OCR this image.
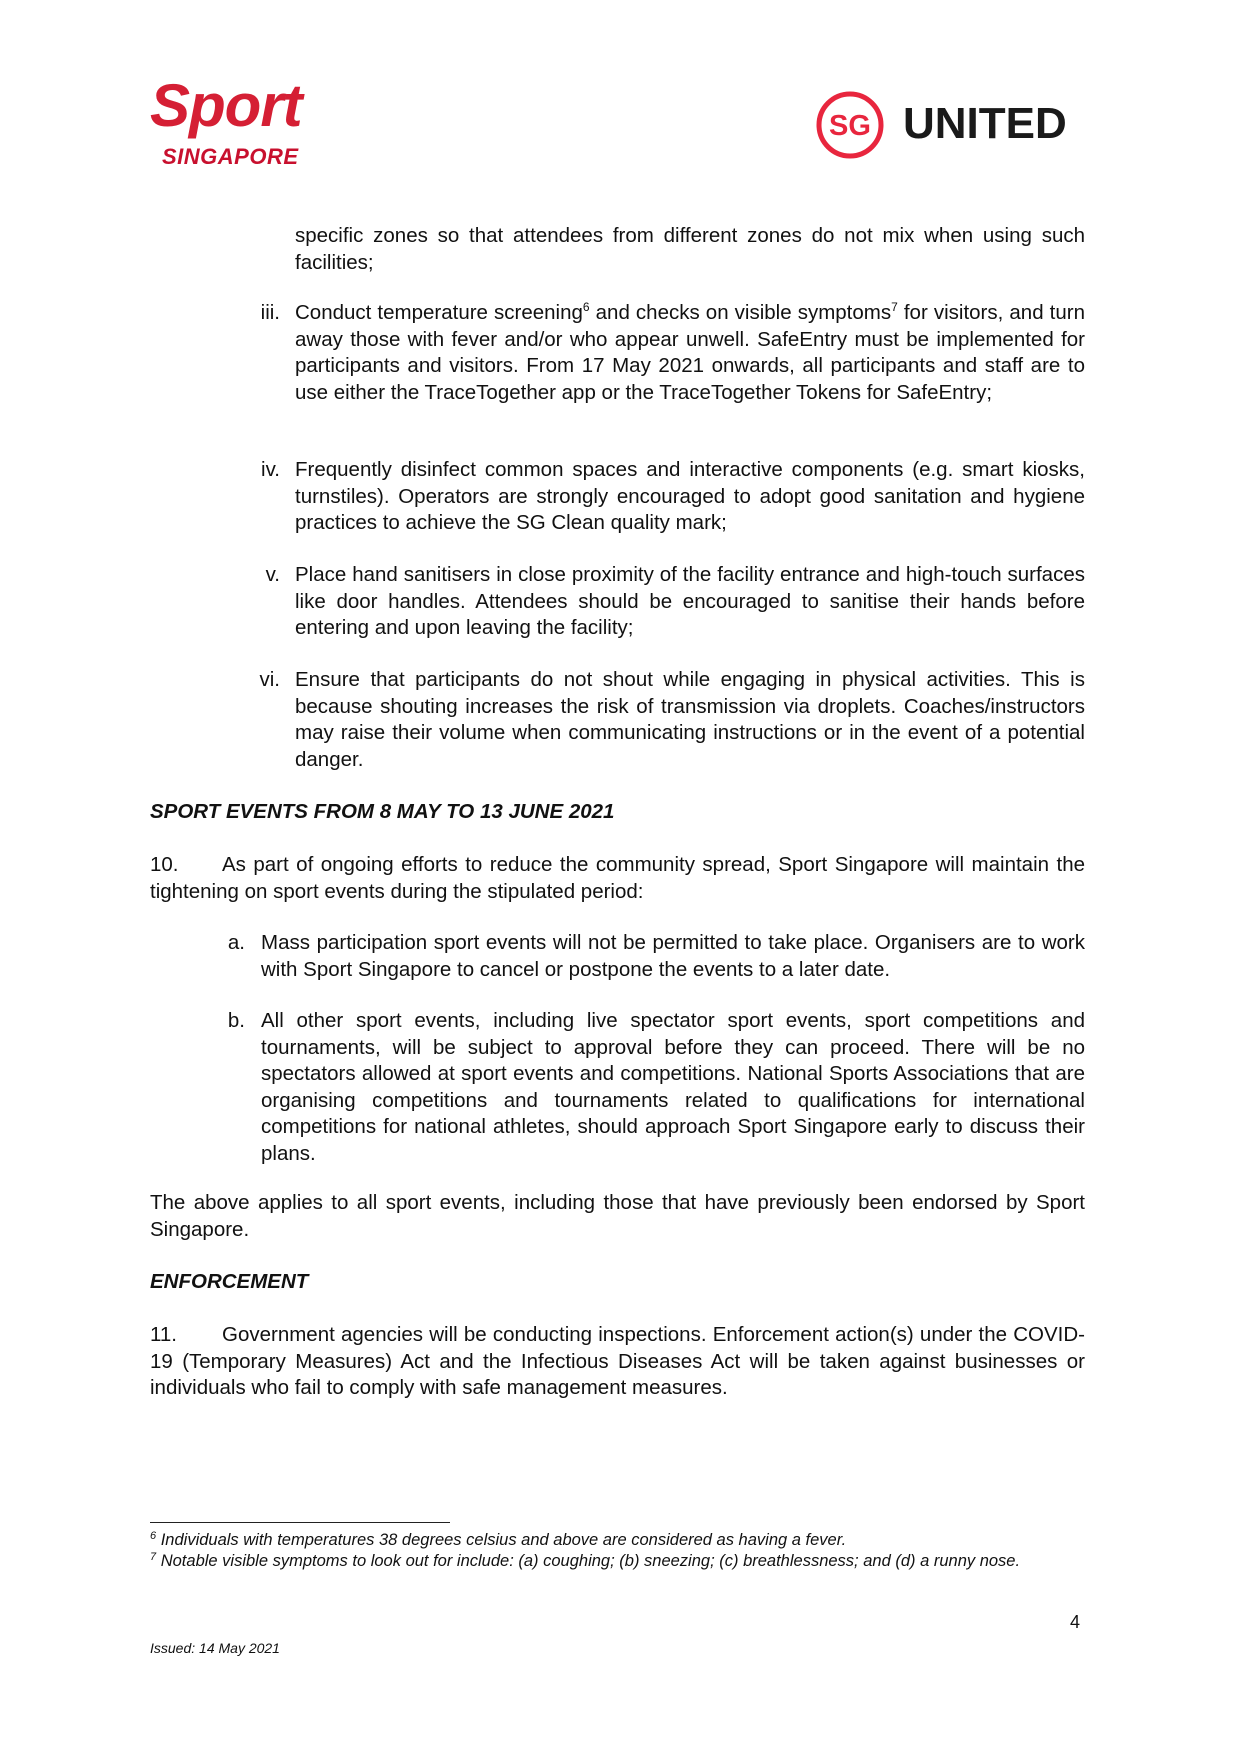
Sport
SINGAPORE
SG UNITED

specific zones so that attendees from different zones do not mix when using such facilities;

iii. Conduct temperature screening$^6$ and checks on visible symptoms$^7$ for visitors, and turn away those with fever and/or who appear unwell. SafeEntry must be implemented for participants and visitors. From 17 May 2021 onwards, all participants and staff are to use either the TraceTogether app or the TraceTogether Tokens for SafeEntry;

iv. Frequently disinfect common spaces and interactive components (e.g. smart kiosks, turnstiles). Operators are strongly encouraged to adopt good sanitation and hygiene practices to achieve the SG Clean quality mark;

v. Place hand sanitisers in close proximity of the facility entrance and high-touch surfaces like door handles. Attendees should be encouraged to sanitise their hands before entering and upon leaving the facility;

vi. Ensure that participants do not shout while engaging in physical activities. This is because shouting increases the risk of transmission via droplets. Coaches/instructors may raise their volume when communicating instructions or in the event of a potential danger.

SPORT EVENTS FROM 8 MAY TO 13 JUNE 2021

10. As part of ongoing efforts to reduce the community spread, Sport Singapore will maintain the tightening on sport events during the stipulated period:

a. Mass participation sport events will not be permitted to take place. Organisers are to work with Sport Singapore to cancel or postpone the events to a later date.

b. All other sport events, including live spectator sport events, sport competitions and tournaments, will be subject to approval before they can proceed. There will be no spectators allowed at sport events and competitions. National Sports Associations that are organising competitions and tournaments related to qualifications for international competitions for national athletes, should approach Sport Singapore early to discuss their plans.

The above applies to all sport events, including those that have previously been endorsed by Sport Singapore.

ENFORCEMENT

11. Government agencies will be conducting inspections. Enforcement action(s) under the COVID-19 (Temporary Measures) Act and the Infectious Diseases Act will be taken against businesses or individuals who fail to comply with safe management measures.

$^6$ Individuals with temperatures 38 degrees celsius and above are considered as having a fever.

$^7$ Notable visible symptoms to look out for include: (a) coughing; (b) sneezing; (c) breathlessness; and (d) a runny nose.

4
Issued: 14 May 2021
